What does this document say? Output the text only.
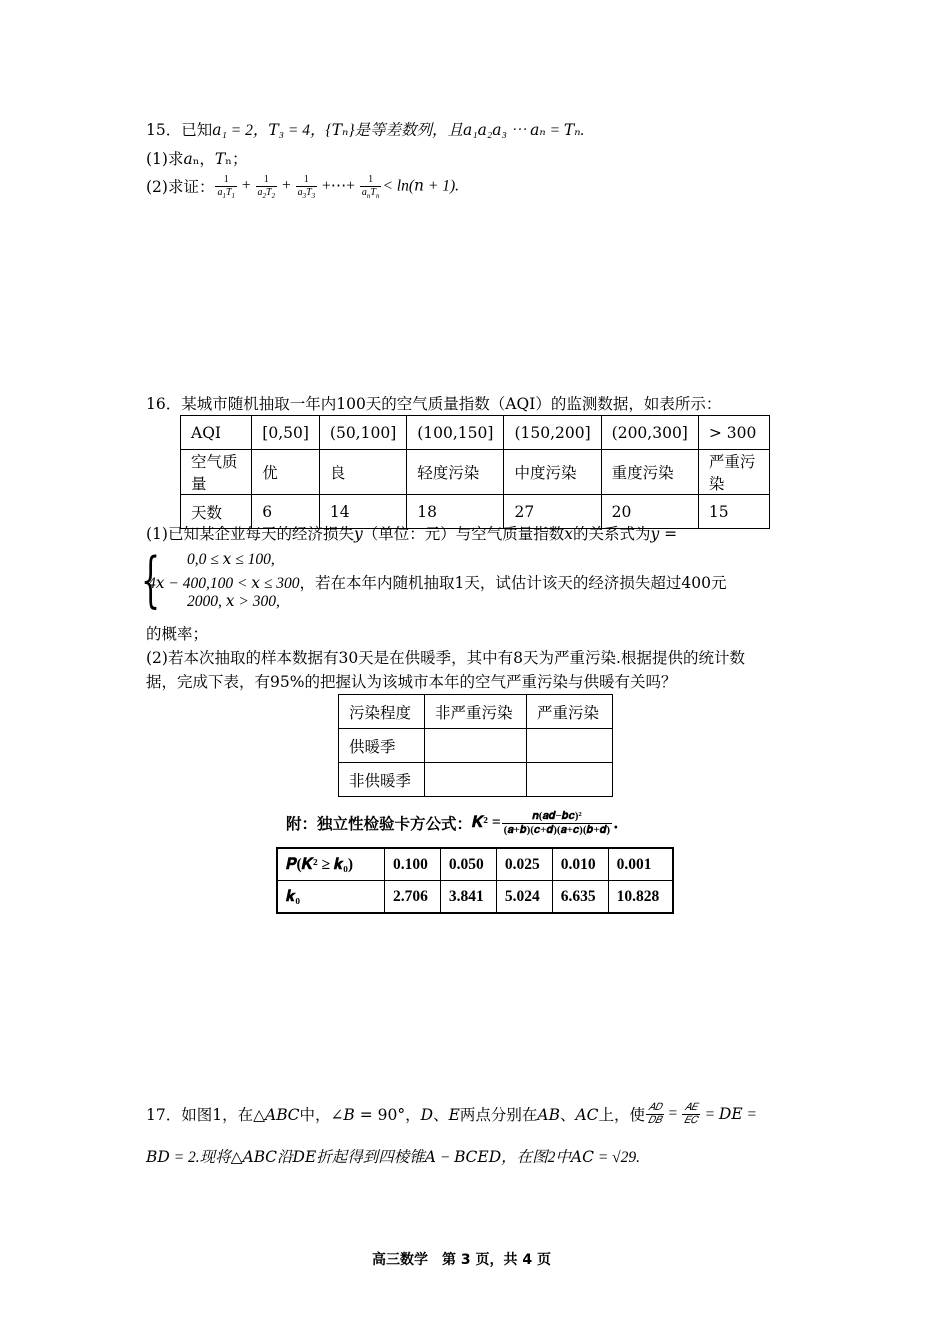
15．已知𝑎₁ = 2，𝑇₃ = 4，{𝑇ₙ}是等差数列，且𝑎₁𝑎₂𝑎₃ ⋯ 𝑎ₙ = 𝑇ₙ.
(1)求𝑎ₙ，𝑇ₙ；
(2)求证： $\frac{1}{a_1T_1} + \frac{1}{a_2T_2} + \frac{1}{a_3T_3}$ +⋯+ $\frac{1}{a_nT_n}$ < ln(𝑛 + 1).
16．某城市随机抽取一年内100天的空气质量指数（AQI）的监测数据，如表所示：
AQI	[0,50]	(50,100]	(100,150]	(150,200]	(200,300]	> 300
空气质量	优	良	轻度污染	中度污染	重度污染	严重污染
天数	6	14	18	27	20	15
(1)已知某企业每天的经济损失𝑦（单位：元）与空气质量指数𝑥的关系式为𝑦 =
{ 0,0 ≤ 𝑥 ≤ 100,
4𝑥 − 400,100 < 𝑥 ≤ 300，若在本年内随机抽取1天，试估计该天的经济损失超过400元
2000, 𝑥 > 300,
的概率；
(2)若本次抽取的样本数据有30天是在供暖季，其中有8天为严重污染.根据提供的统计数
据，完成下表，有95%的把握认为该城市本年的空气严重污染与供暖有关吗？
污染程度	非严重污染	严重污染
供暖季		
非供暖季		
附：独立性检验卡方公式：𝑲² = $\frac{\text{𝒏(𝒂𝒅−𝒃𝒄)²}}{\text{(𝒂+𝒃)(𝒄+𝒅)(𝒂+𝒄)(𝒃+𝒅)}}$ .
𝑷(𝑲² ≥ 𝒌₀)	0.100	0.050	0.025	0.010	0.001
𝒌₀	2.706	3.841	5.024	6.635	10.828
17．如图1，在△𝐴𝐵𝐶中，∠𝐵 = 90°，𝐷、𝐸两点分别在𝐴𝐵、𝐴𝐶上，使 $\frac{\text{𝐴𝐷}}{\text{𝐷𝐵}} = \frac{\text{𝐴𝐸}}{\text{𝐸𝐶}}$ = 𝐷𝐸 =
𝐵𝐷 = 2.现将△𝐴𝐵𝐶沿𝐷𝐸折起得到四棱锥𝐴 − 𝐵𝐶𝐸𝐷，在图2中𝐴𝐶 = √29.
高三数学　第 3 页，共 4 页
